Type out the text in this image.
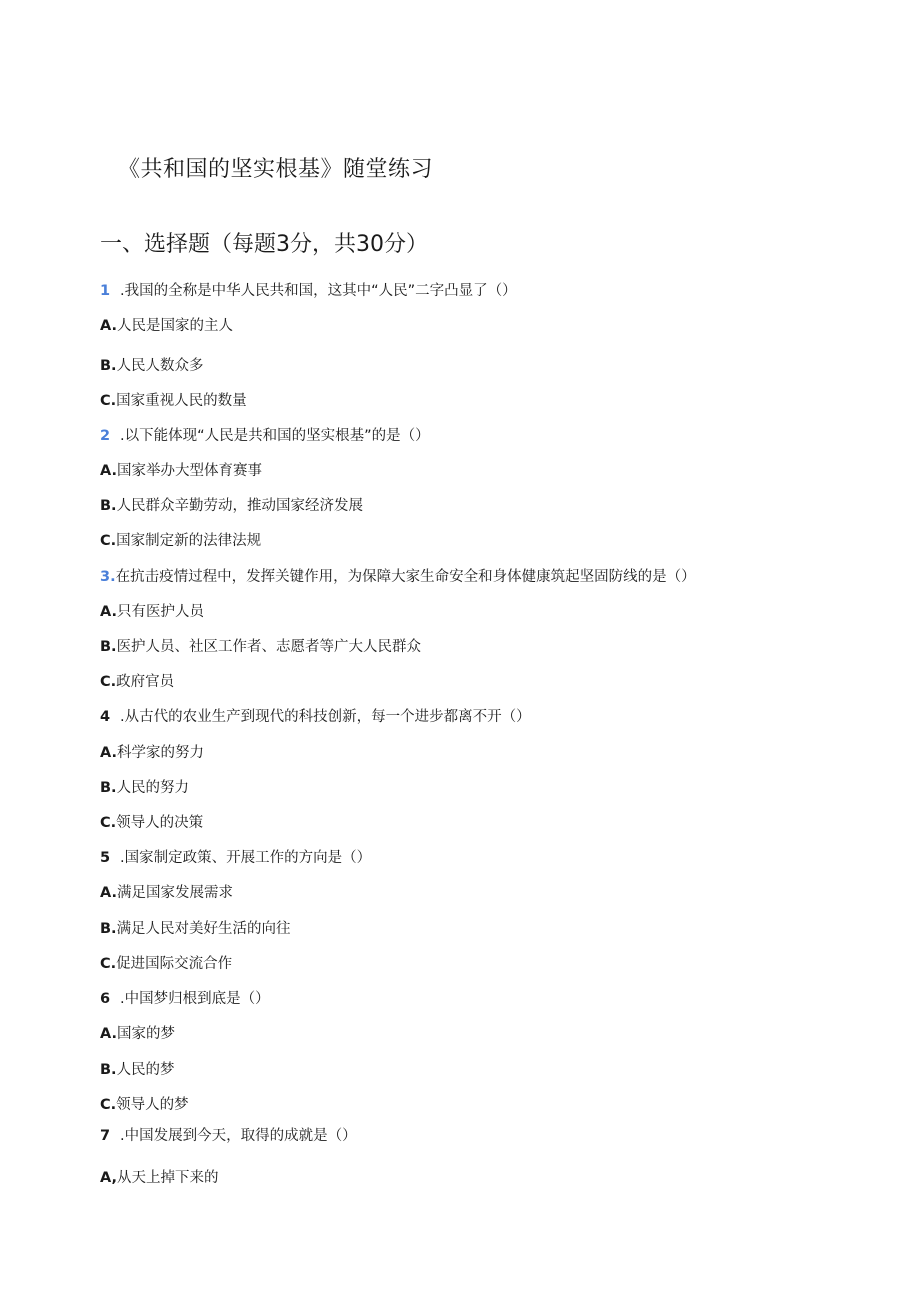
《共和国的坚实根基》随堂练习
一、选择题（每题3分，共30分）
1 .我国的全称是中华人民共和国，这其中“人民”二字凸显了（）
A.人民是国家的主人
B.人民人数众多
C.国家重视人民的数量
2 .以下能体现“人民是共和国的坚实根基”的是（）
A.国家举办大型体育赛事
B.人民群众辛勤劳动，推动国家经济发展
C.国家制定新的法律法规
3.在抗击疫情过程中，发挥关键作用，为保障大家生命安全和身体健康筑起坚固防线的是（）
A.只有医护人员
B.医护人员、社区工作者、志愿者等广大人民群众
C.政府官员
4 .从古代的农业生产到现代的科技创新，每一个进步都离不开（）
A.科学家的努力
B.人民的努力
C.领导人的决策
5 .国家制定政策、开展工作的方向是（）
A.满足国家发展需求
B.满足人民对美好生活的向往
C.促进国际交流合作
6 .中国梦归根到底是（）
A.国家的梦
B.人民的梦
C.领导人的梦
7 .中国发展到今天，取得的成就是（）
A,从天上掉下来的
